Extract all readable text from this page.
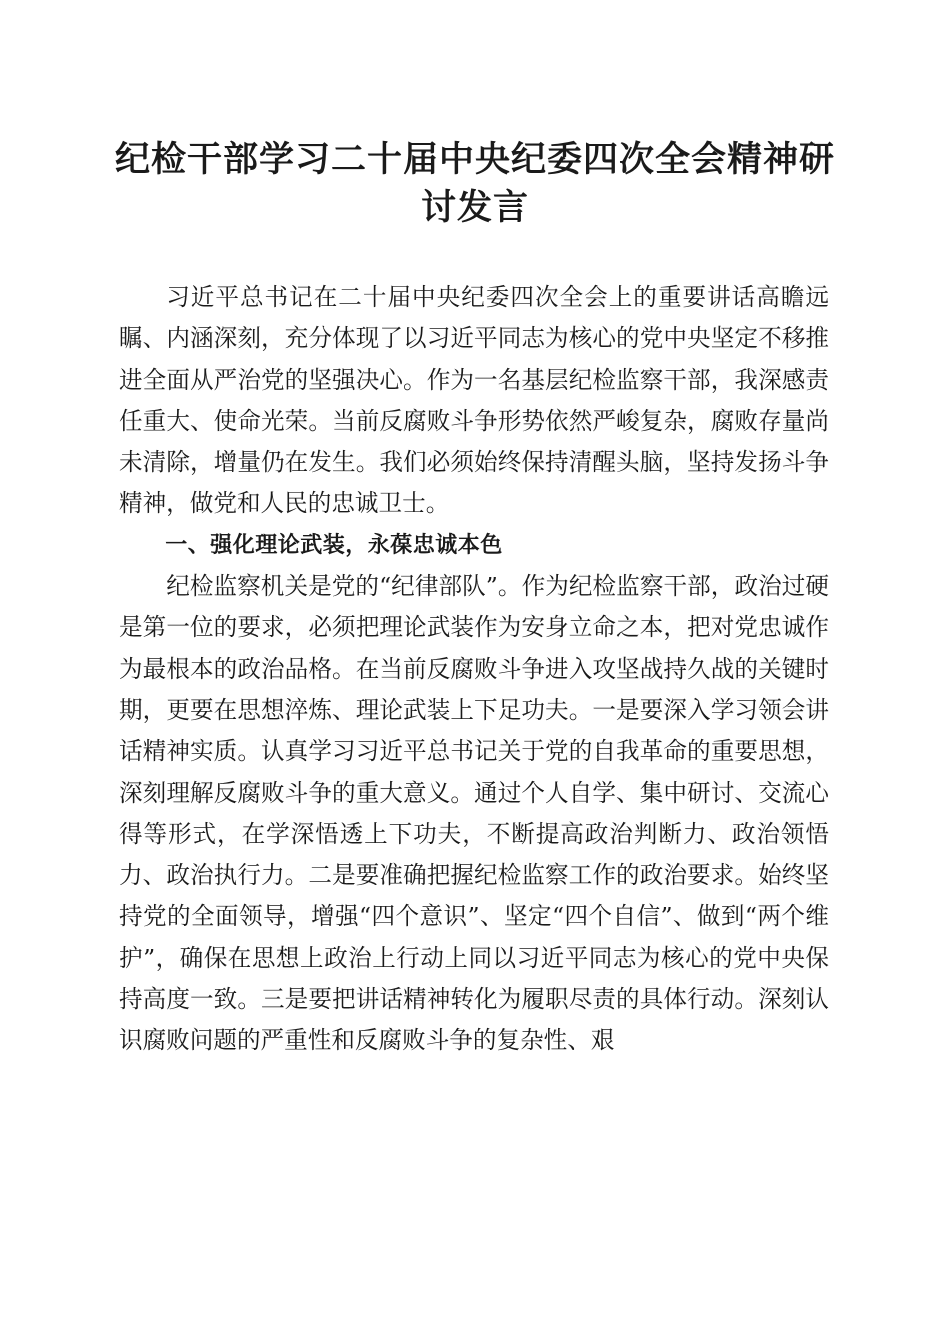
纪检干部学习二十届中央纪委四次全会精神研讨发言

习近平总书记在二十届中央纪委四次全会上的重要讲话高瞻远瞩、内涵深刻，充分体现了以习近平同志为核心的党中央坚定不移推进全面从严治党的坚强决心。作为一名基层纪检监察干部，我深感责任重大、使命光荣。当前反腐败斗争形势依然严峻复杂，腐败存量尚未清除，增量仍在发生。我们必须始终保持清醒头脑，坚持发扬斗争精神，做党和人民的忠诚卫士。

一、强化理论武装，永葆忠诚本色

纪检监察机关是党的“纪律部队”。作为纪检监察干部，政治过硬是第一位的要求，必须把理论武装作为安身立命之本，把对党忠诚作为最根本的政治品格。在当前反腐败斗争进入攻坚战持久战的关键时期，更要在思想淬炼、理论武装上下足功夫。一是要深入学习领会讲话精神实质。认真学习习近平总书记关于党的自我革命的重要思想，深刻理解反腐败斗争的重大意义。通过个人自学、集中研讨、交流心得等形式，在学深悟透上下功夫，不断提高政治判断力、政治领悟力、政治执行力。二是要准确把握纪检监察工作的政治要求。始终坚持党的全面领导，增强“四个意识”、坚定“四个自信”、做到“两个维护”，确保在思想上政治上行动上同以习近平同志为核心的党中央保持高度一致。三是要把讲话精神转化为履职尽责的具体行动。深刻认识腐败问题的严重性和反腐败斗争的复杂性、艰
